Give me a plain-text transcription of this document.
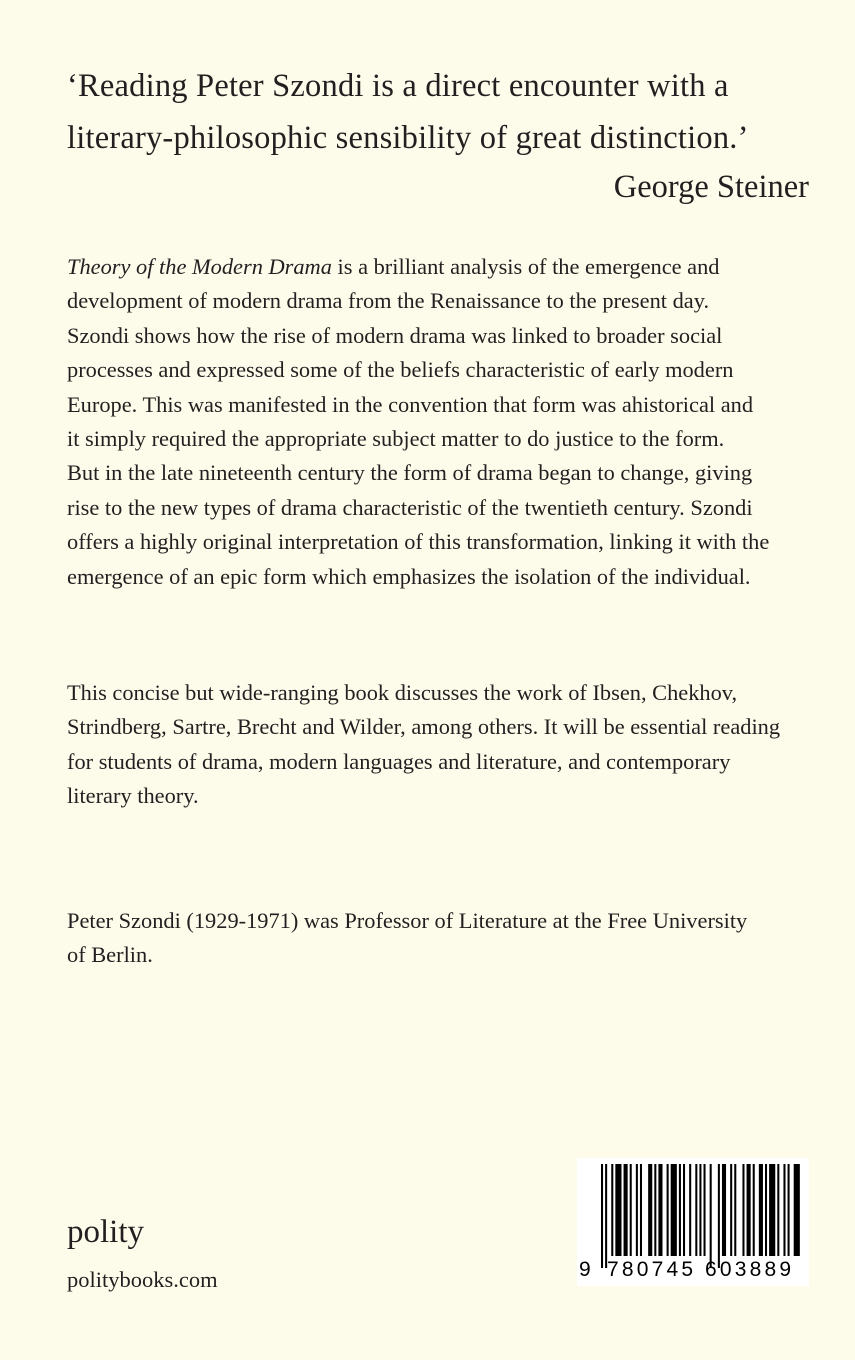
‘Reading Peter Szondi is a direct encounter with a
literary-philosophic sensibility of great distinction.’
George Steiner
Theory of the Modern Drama is a brilliant analysis of the emergence and
development of modern drama from the Renaissance to the present day.
Szondi shows how the rise of modern drama was linked to broader social
processes and expressed some of the beliefs characteristic of early modern
Europe. This was manifested in the convention that form was ahistorical and
it simply required the appropriate subject matter to do justice to the form.
But in the late nineteenth century the form of drama began to change, giving
rise to the new types of drama characteristic of the twentieth century. Szondi
offers a highly original interpretation of this transformation, linking it with the
emergence of an epic form which emphasizes the isolation of the individual.
This concise but wide-ranging book discusses the work of Ibsen, Chekhov,
Strindberg, Sartre, Brecht and Wilder, among others. It will be essential reading
for students of drama, modern languages and literature, and contemporary
literary theory.
Peter Szondi (1929-1971) was Professor of Literature at the Free University
of Berlin.
polity
politybooks.com	9 780745 603889
